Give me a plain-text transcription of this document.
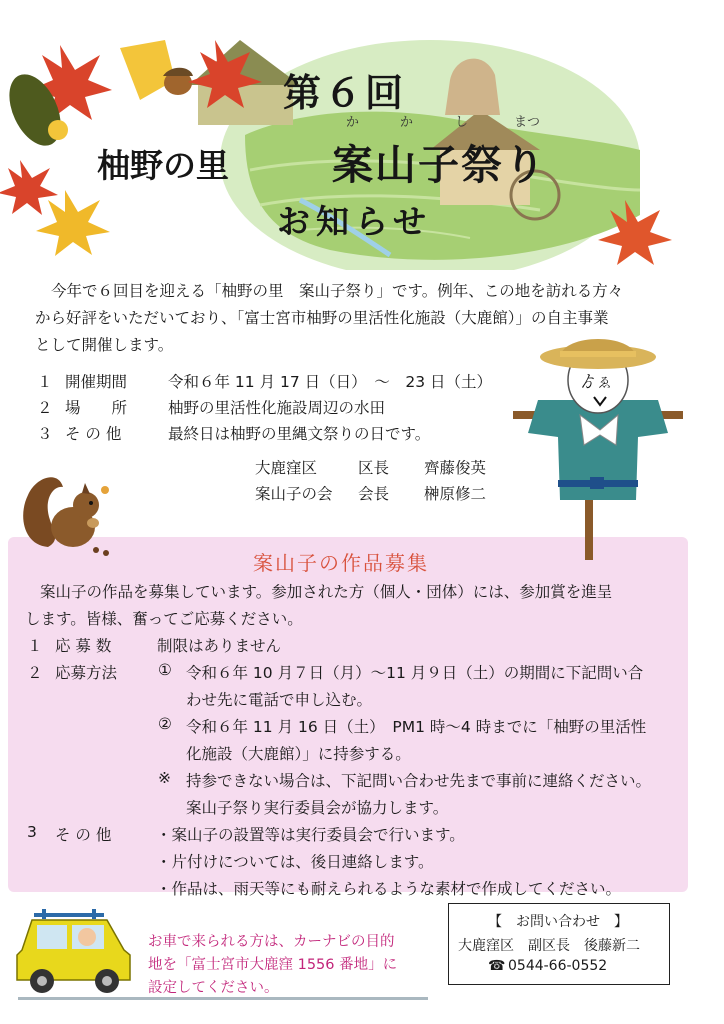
第６回
柚野の里	案山子祭り
か	か	し	まつ
お知らせ
今年で６回目を迎える「柚野の里　案山子祭り」です。例年、この地を訪れる方々
から好評をいただいており、「富士宮市柚野の里活性化施設（大鹿館）」の自主事業
として開催します。
１ 開催期間	令和６年 11 月 17 日（日）　～　23 日（土）
２ 場　　所	柚野の里活性化施設周辺の水田
３ そ の 他	最終日は柚野の里縄文祭りの日です。
大鹿窪区	区長 齊藤俊英
案山子の会 会長 榊原修二
ゟ ゑ
案山子の作品募集
案山子の作品を募集しています。参加された方（個人・団体）には、参加賞を進呈
します。皆様、奮ってご応募ください。
１ 応 募 数	制限はありません
２ 応募方法	① 令和６年 10 月７日（月）～11 月９日（土）の期間に下記問い合
わせ先に電話で申し込む。
② 令和６年 11 月 16 日（土）　PM1 時～4 時までに「柚野の里活性
化施設（大鹿館）」に持参する。
※ 持参できない場合は、下記問い合わせ先まで事前に連絡ください。
案山子祭り実行委員会が協力します。
3 そ の 他	・案山子の設置等は実行委員会で行います。
・片付けについては、後日連絡します。
・作品は、雨天等にも耐えられるような素材で作成してください。
お車で来られる方は、カーナビの目的
地を「富士宮市大鹿窪 1556 番地」に
設定してください。
【　お問い合わせ　】
大鹿窪区　副区長　後藤新二
☎ 0544-66-0552
